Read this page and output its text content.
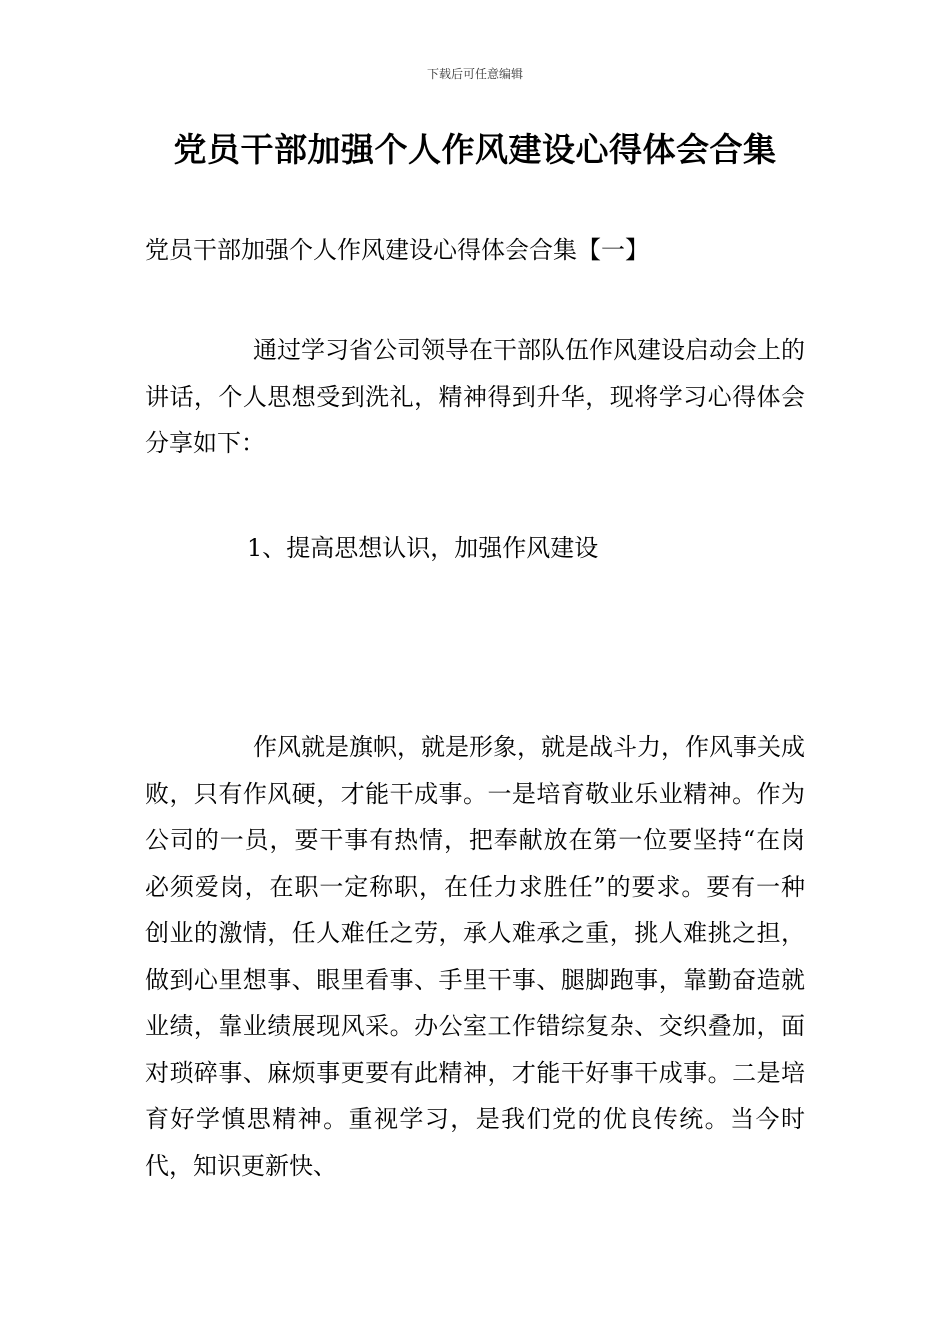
下载后可任意编辑
党员干部加强个人作风建设心得体会合集
党员干部加强个人作风建设心得体会合集【一】

通过学习省公司领导在干部队伍作风建设启动会上的讲话，个人思想受到洗礼，精神得到升华，现将学习心得体会分享如下：

1、提高思想认识，加强作风建设

作风就是旗帜，就是形象，就是战斗力，作风事关成败，只有作风硬，才能干成事。一是培育敬业乐业精神。作为公司的一员，要干事有热情，把奉献放在第一位要坚持“在岗必须爱岗，在职一定称职，在任力求胜任”的要求。要有一种创业的激情，任人难任之劳，承人难承之重，挑人难挑之担，做到心里想事、眼里看事、手里干事、腿脚跑事，靠勤奋造就业绩，靠业绩展现风采。办公室工作错综复杂、交织叠加，面对琐碎事、麻烦事更要有此精神，才能干好事干成事。二是培育好学慎思精神。重视学习，是我们党的优良传统。当今时代，知识更新快、
